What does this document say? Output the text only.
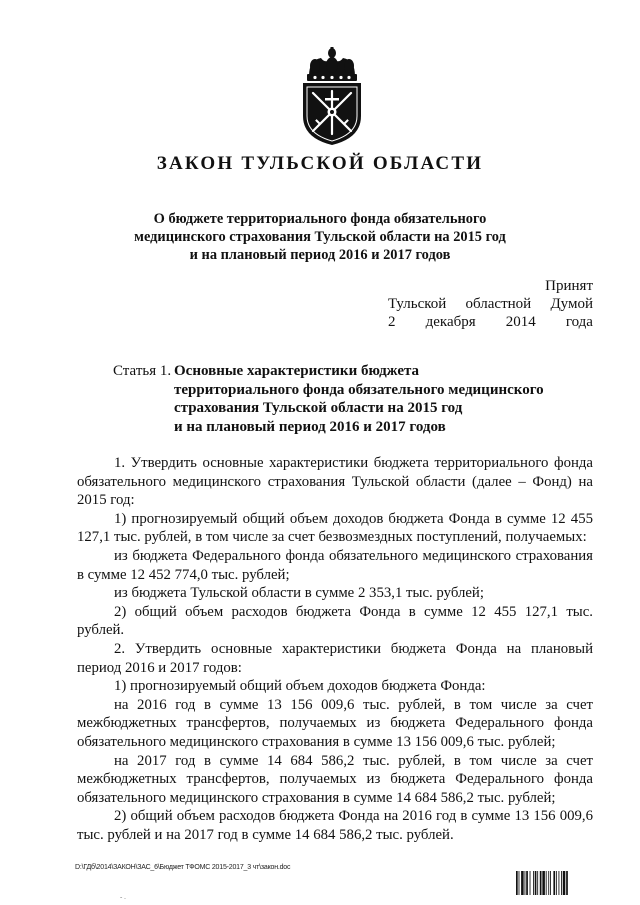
ЗАКОН ТУЛЬСКОЙ ОБЛАСТИ
О бюджете территориального фонда обязательного
медицинского страхования Тульской области на 2015 год
и на плановый период 2016 и 2017 годов
Принят
Тульской областной Думой
2 декабря 2014 года
Статья 1. Основные характеристики бюджета
территориального фонда обязательного медицинского
страхования Тульской области на 2015 год
и на плановый период 2016 и 2017 годов

1. Утвердить основные характеристики бюджета территориального фонда обязательного медицинского страхования Тульской области (далее – Фонд) на 2015 год:

1) прогнозируемый общий объем доходов бюджета Фонда в сумме 12 455 127,1 тыс. рублей, в том числе за счет безвозмездных поступлений, получаемых:

из бюджета Федерального фонда обязательного медицинского страхования в сумме 12 452 774,0 тыс. рублей;

из бюджета Тульской области в сумме 2 353,1 тыс. рублей;

2) общий объем расходов бюджета Фонда в сумме 12 455 127,1 тыс. рублей.

2. Утвердить основные характеристики бюджета Фонда на плановый период 2016 и 2017 годов:

1) прогнозируемый общий объем доходов бюджета Фонда:

на 2016 год в сумме 13 156 009,6 тыс. рублей, в том числе за счет межбюджетных трансфертов, получаемых из бюджета Федерального фонда обязательного медицинского страхования в сумме 13 156 009,6 тыс. рублей;

на 2017 год в сумме 14 684 586,2 тыс. рублей, в том числе за счет межбюджетных трансфертов, получаемых из бюджета Федерального фонда обязательного медицинского страхования в сумме 14 684 586,2 тыс. рублей;

2) общий объем расходов бюджета Фонда на 2016 год в сумме 13 156 009,6 тыс. рублей и на 2017 год в сумме 14 684 586,2 тыс. рублей.

D:\ГДб\2014\ЗАКОН\ЗАС_6\Бюджет ТФОМС 2015-2017_3 чт\закон.doc
- .
